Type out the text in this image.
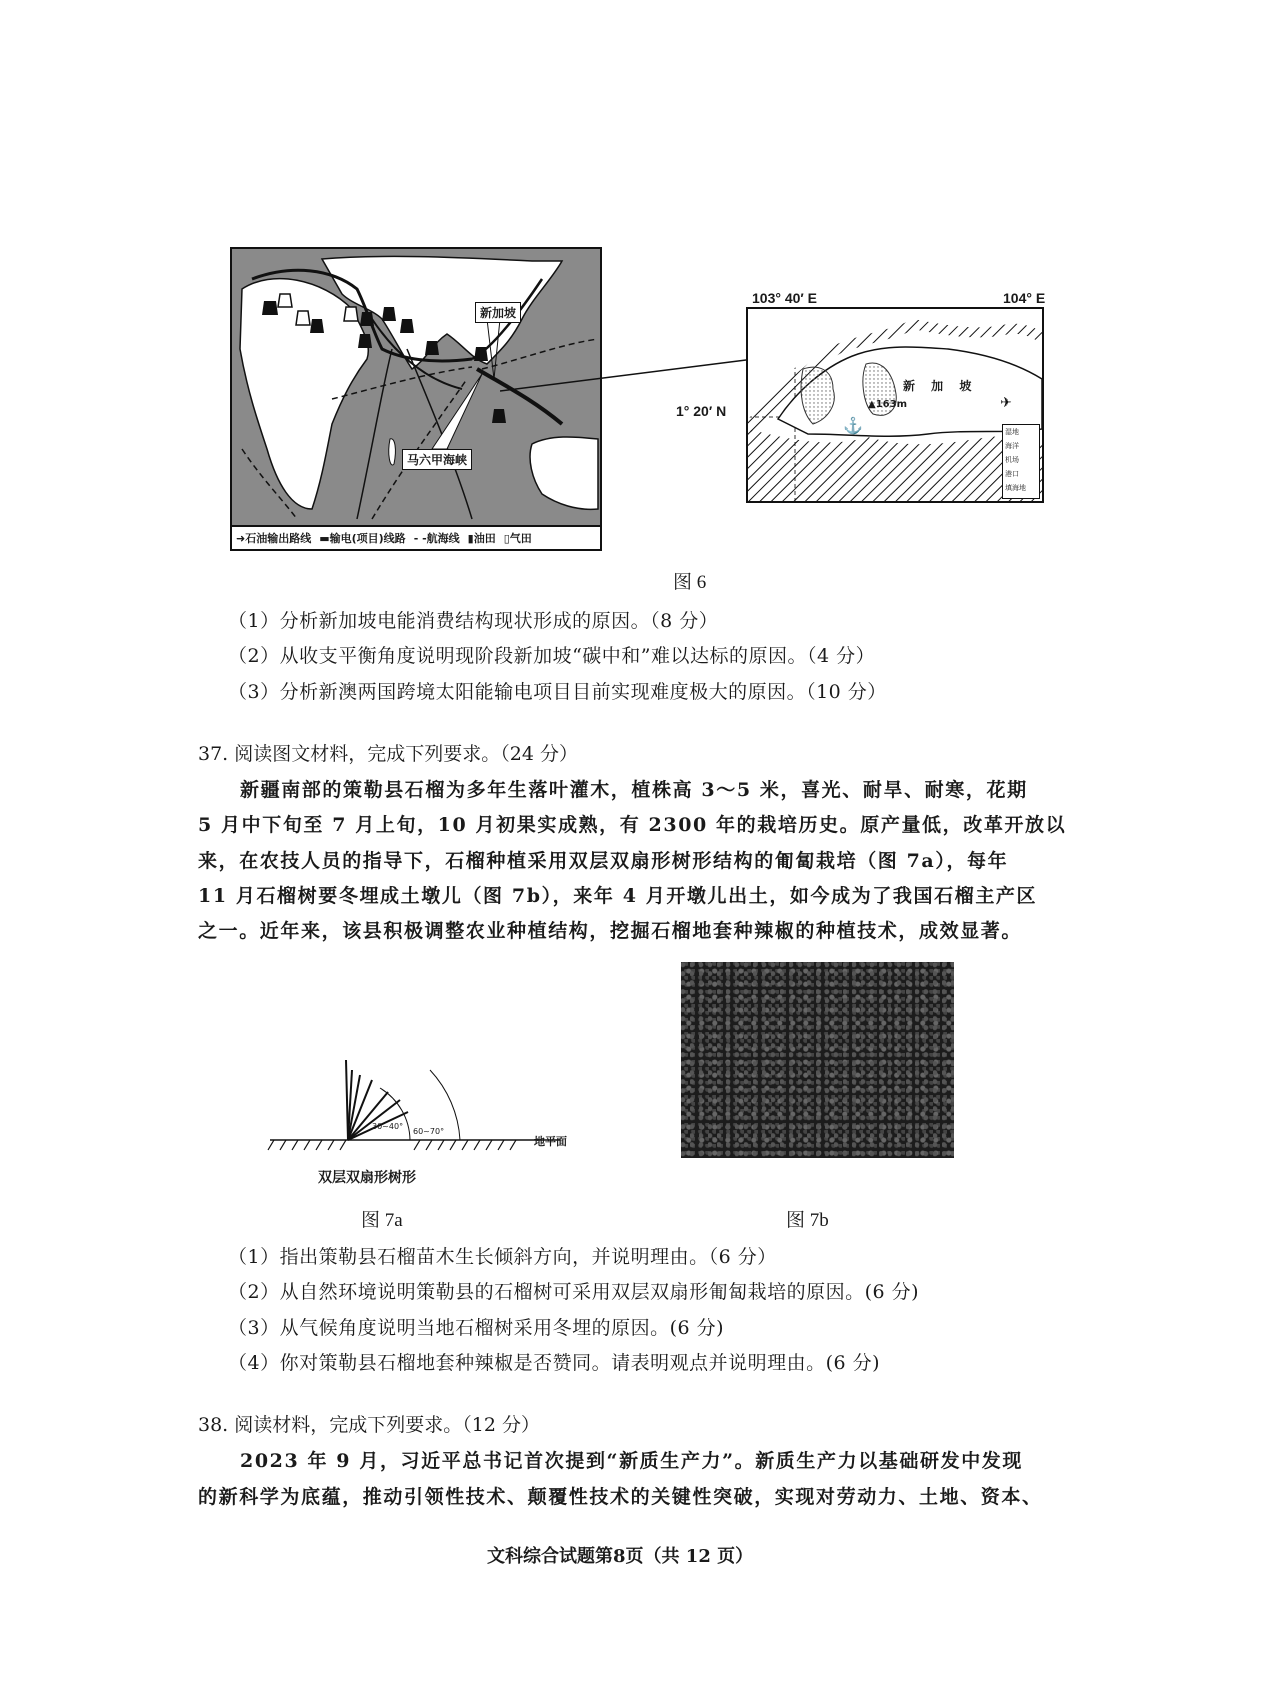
新加坡
马六甲海峡
➜石油输出路线 ▬输电(项目)线路 - -航海线 ▮油田 ▯气田
103° 40′ E	104° E
1° 20′ N
⚓
✈
新 加 坡
▲163m
湿地
海洋
机场
港口
填海地
图 6
（1）分析新加坡电能消费结构现状形成的原因。（8 分）
（2）从收支平衡角度说明现阶段新加坡“碳中和”难以达标的原因。（4 分）
（3）分析新澳两国跨境太阳能输电项目目前实现难度极大的原因。（10 分）
37. 阅读图文材料，完成下列要求。（24 分）
新疆南部的策勒县石榴为多年生落叶灌木，植株高 3～5 米，喜光、耐旱、耐寒，花期
5 月中下旬至 7 月上旬，10 月初果实成熟，有 2300 年的栽培历史。原产量低，改革开放以
来，在农技人员的指导下，石榴种植采用双层双扇形树形结构的匍匐栽培（图 7a），每年
11 月石榴树要冬埋成土墩儿（图 7b），来年 4 月开墩儿出土，如今成为了我国石榴主产区
之一。近年来，该县积极调整农业种植结构，挖掘石榴地套种辣椒的种植技术，成效显著。
30~40°
60~70°
地平面
双层双扇形树形
图 7a	图 7b
（1）指出策勒县石榴苗木生长倾斜方向，并说明理由。（6 分）
（2）从自然环境说明策勒县的石榴树可采用双层双扇形匍匐栽培的原因。(6 分)
（3）从气候角度说明当地石榴树采用冬埋的原因。(6 分)
（4）你对策勒县石榴地套种辣椒是否赞同。请表明观点并说明理由。(6 分)
38. 阅读材料，完成下列要求。（12 分）
2023 年 9 月，习近平总书记首次提到“新质生产力”。新质生产力以基础研发中发现
的新科学为底蕴，推动引领性技术、颠覆性技术的关键性突破，实现对劳动力、土地、资本、
文科综合试题第8页（共 12 页）
